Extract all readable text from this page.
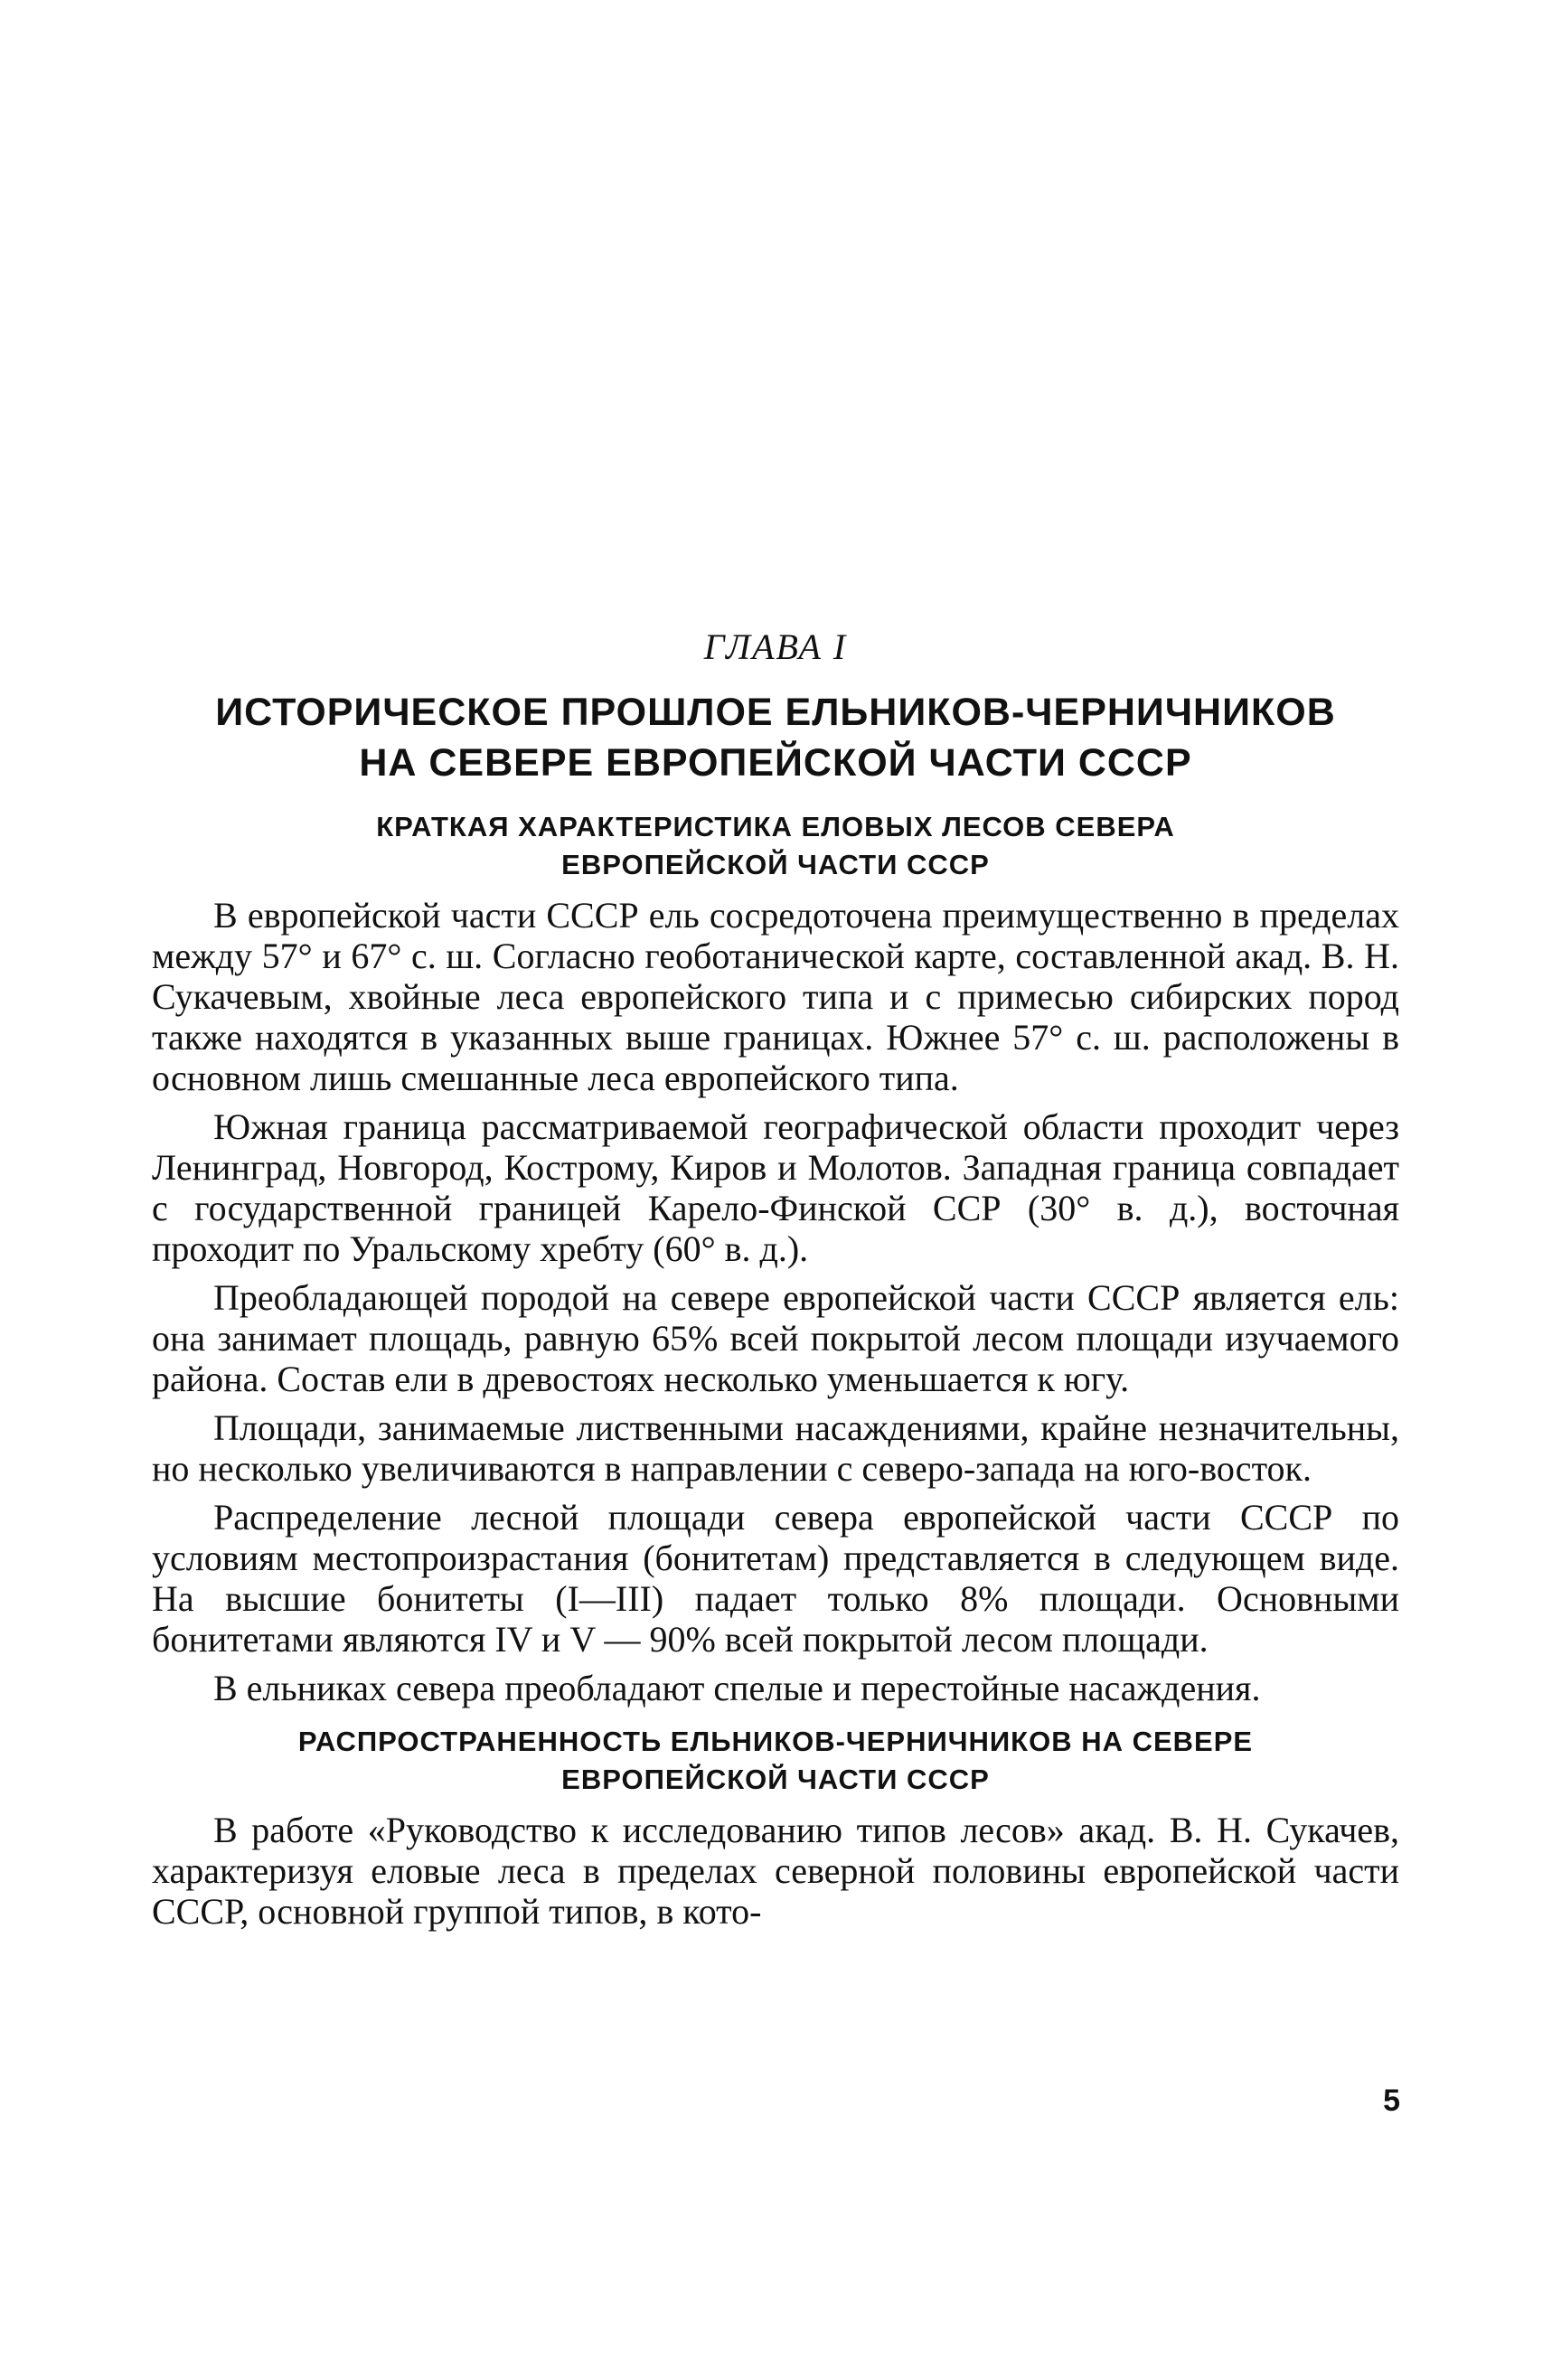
ГЛАВА I
ИСТОРИЧЕСКОЕ ПРОШЛОЕ ЕЛЬНИКОВ-ЧЕРНИЧНИКОВ
НА СЕВЕРЕ ЕВРОПЕЙСКОЙ ЧАСТИ СССР
КРАТКАЯ ХАРАКТЕРИСТИКА ЕЛОВЫХ ЛЕСОВ СЕВЕРА
ЕВРОПЕЙСКОЙ ЧАСТИ СССР

В европейской части СССР ель сосредоточена преимущественно в пределах между 57° и 67° с. ш. Согласно геоботанической карте, составленной акад. В. Н. Сукачевым, хвойные леса европейского типа и с примесью сибирских пород также находятся в указанных выше границах. Южнее 57° с. ш. расположены в основном лишь смешанные леса европейского типа.

Южная граница рассматриваемой географической области проходит через Ленинград, Новгород, Кострому, Киров и Молотов. Западная граница совпадает с государственной границей Карело-Финской ССР (30° в. д.), восточная проходит по Уральскому хребту (60° в. д.).

Преобладающей породой на севере европейской части СССР является ель: она занимает площадь, равную 65% всей покрытой лесом площади изучаемого района. Состав ели в древостоях несколько уменьшается к югу.

Площади, занимаемые лиственными насаждениями, крайне незначительны, но несколько увеличиваются в направлении с северо-запада на юго-восток.

Распределение лесной площади севера европейской части СССР по условиям местопроизрастания (бонитетам) представляется в следующем виде. На высшие бонитеты (I—III) падает только 8% площади. Основными бонитетами являются IV и V — 90% всей покрытой лесом площади.

В ельниках севера преобладают спелые и перестойные насаждения.

РАСПРОСТРАНЕННОСТЬ ЕЛЬНИКОВ-ЧЕРНИЧНИКОВ НА СЕВЕРЕ
ЕВРОПЕЙСКОЙ ЧАСТИ СССР

В работе «Руководство к исследованию типов лесов» акад. В. Н. Сукачев, характеризуя еловые леса в пределах северной половины европейской части СССР, основной группой типов, в кото-

5
